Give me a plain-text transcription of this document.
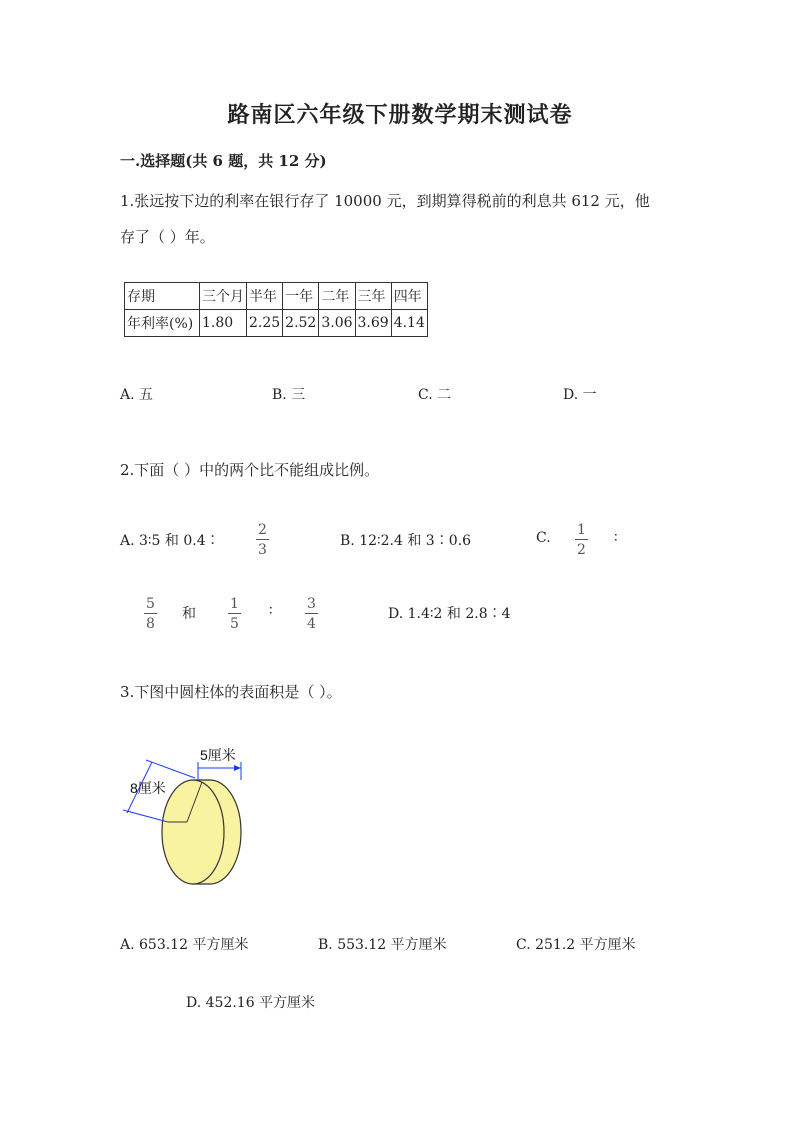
路南区六年级下册数学期末测试卷
一.选择题(共 6 题，共 12 分)
1.张远按下边的利率在银行存了 10000 元，到期算得税前的利息共 612 元，他
存了（ ）年。
存期	三个月	半年	一年	二年	三年	四年
年利率(%)	1.80	2.25	2.52	3.06	3.69	4.14
A. 五	B. 三	C. 二	D. 一
2.下面（ ）中的两个比不能组成比例。
A. 3∶5 和 0.4∶
2
3
B. 12∶2.4 和 3∶0.6	C. 1
2
∶
5
8
和
1
5
∶ 3
4
D. 1.4∶2 和 2.8∶4
3.下图中圆柱体的表面积是（ ）。
5厘米
8厘米
A. 653.12 平方厘米	B. 553.12 平方厘米	C. 251.2 平方厘米
D. 452.16 平方厘米
